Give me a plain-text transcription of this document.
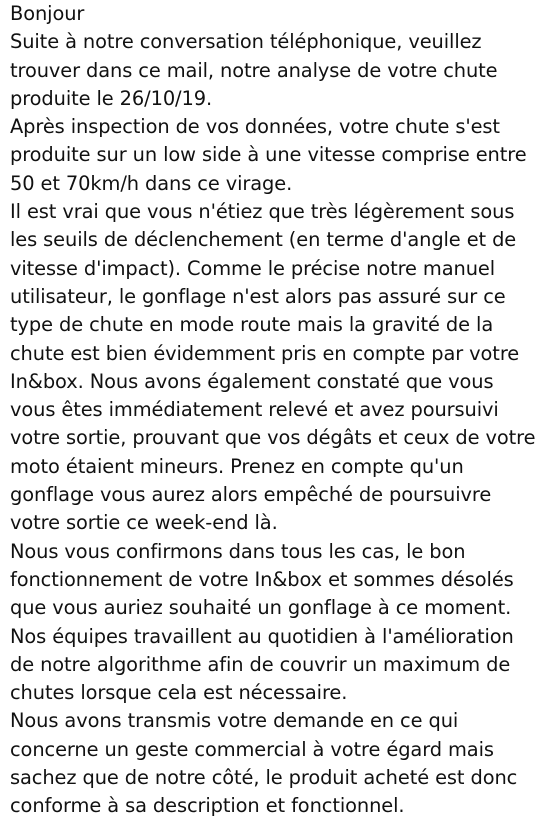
Bonjour
Suite à notre conversation téléphonique, veuillez
trouver dans ce mail, notre analyse de votre chute
produite le 26/10/19.
Après inspection de vos données, votre chute s'est
produite sur un low side à une vitesse comprise entre
50 et 70km/h dans ce virage.
Il est vrai que vous n'étiez que très légèrement sous
les seuils de déclenchement (en terme d'angle et de
vitesse d'impact). Comme le précise notre manuel
utilisateur, le gonflage n'est alors pas assuré sur ce
type de chute en mode route mais la gravité de la
chute est bien évidemment pris en compte par votre
In&box. Nous avons également constaté que vous
vous êtes immédiatement relevé et avez poursuivi
votre sortie, prouvant que vos dégâts et ceux de votre
moto étaient mineurs. Prenez en compte qu'un
gonflage vous aurez alors empêché de poursuivre
votre sortie ce week-end là.
Nous vous confirmons dans tous les cas, le bon
fonctionnement de votre In&box et sommes désolés
que vous auriez souhaité un gonflage à ce moment.
Nos équipes travaillent au quotidien à l'amélioration
de notre algorithme afin de couvrir un maximum de
chutes lorsque cela est nécessaire.
Nous avons transmis votre demande en ce qui
concerne un geste commercial à votre égard mais
sachez que de notre côté, le produit acheté est donc
conforme à sa description et fonctionnel.
